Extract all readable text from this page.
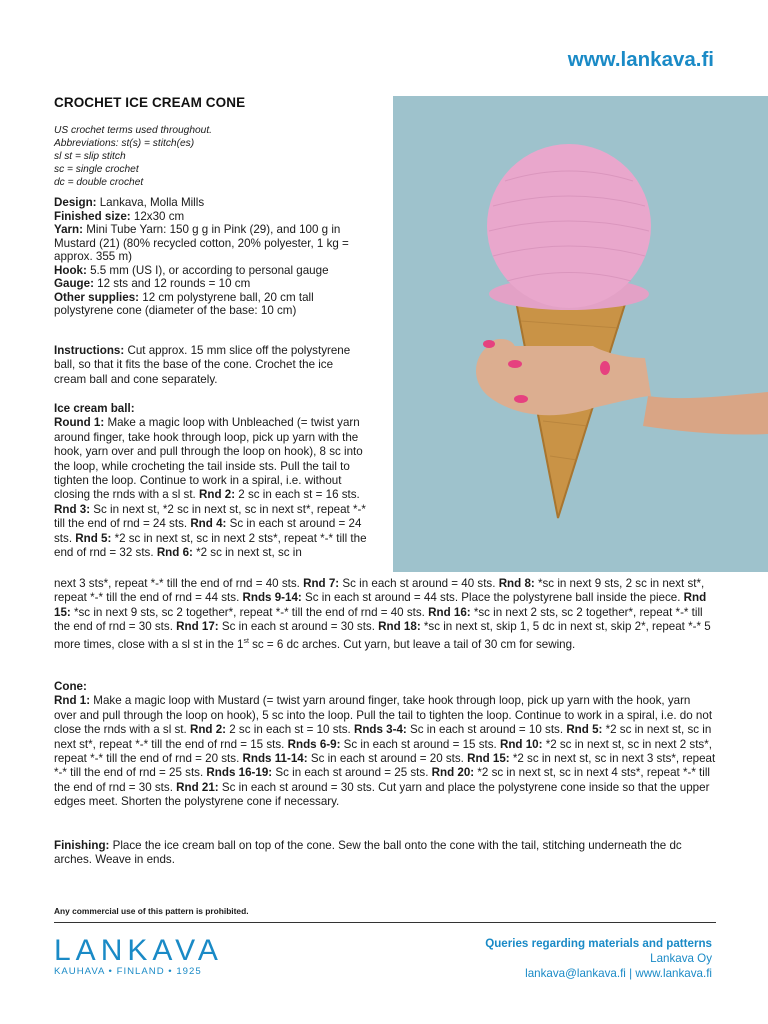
www.lankava.fi
CROCHET ICE CREAM CONE
US crochet terms used throughout.
Abbreviations: st(s) = stitch(es)
sl st = slip stitch
sc = single crochet
dc = double crochet
Design: Lankava, Molla Mills
Finished size: 12x30 cm
Yarn: Mini Tube Yarn: 150 g g in Pink (29), and 100 g in Mustard (21) (80% recycled cotton, 20% polyester, 1 kg = approx. 355 m)
Hook: 5.5 mm (US I), or according to personal gauge
Gauge: 12 sts and 12 rounds = 10 cm
Other supplies: 12 cm polystyrene ball, 20 cm tall polystyrene cone (diameter of the base: 10 cm)
Instructions: Cut approx. 15 mm slice off the polystyrene ball, so that it fits the base of the cone. Crochet the ice cream ball and cone separately.
Ice cream ball:
Round 1: Make a magic loop with Unbleached (= twist yarn around finger, take hook through loop, pick up yarn with the hook, yarn over and pull through the loop on hook), 8 sc into the loop, while crocheting the tail inside sts. Pull the tail to tighten the loop. Continue to work in a spiral, i.e. without closing the rnds with a sl st. Rnd 2: 2 sc in each st = 16 sts. Rnd 3: Sc in next st, *2 sc in next st, sc in next st*, repeat *-* till the end of rnd = 24 sts. Rnd 4: Sc in each st around = 24 sts. Rnd 5: *2 sc in next st, sc in next 2 sts*, repeat *-* till the end of rnd = 32 sts. Rnd 6: *2 sc in next st, sc in
next 3 sts*, repeat *-* till the end of rnd = 40 sts. Rnd 7: Sc in each st around = 40 sts. Rnd 8: *sc in next 9 sts, 2 sc in next st*, repeat *-* till the end of rnd = 44 sts. Rnds 9-14: Sc in each st around = 44 sts. Place the polystyrene ball inside the piece. Rnd 15: *sc in next 9 sts, sc 2 together*, repeat *-* till the end of rnd = 40 sts. Rnd 16: *sc in next 2 sts, sc 2 together*, repeat *-* till the end of rnd = 30 sts. Rnd 17: Sc in each st around = 30 sts. Rnd 18: *sc in next st, skip 1, 5 dc in next st, skip 2*, repeat *-* 5 more times, close with a sl st in the 1st sc = 6 dc arches. Cut yarn, but leave a tail of 30 cm for sewing.
Cone:
Rnd 1: Make a magic loop with Mustard (= twist yarn around finger, take hook through loop, pick up yarn with the hook, yarn over and pull through the loop on hook), 5 sc into the loop. Pull the tail to tighten the loop. Continue to work in a spiral, i.e. do not close the rnds with a sl st. Rnd 2: 2 sc in each st = 10 sts. Rnds 3-4: Sc in each st around = 10 sts. Rnd 5: *2 sc in next st, sc in next st*, repeat *-* till the end of rnd = 15 sts. Rnds 6-9: Sc in each st around = 15 sts. Rnd 10: *2 sc in next st, sc in next 2 sts*, repeat *-* till the end of rnd = 20 sts. Rnds 11-14: Sc in each st around = 20 sts. Rnd 15: *2 sc in next st, sc in next 3 sts*, repeat *-* till the end of rnd = 25 sts. Rnds 16-19: Sc in each st around = 25 sts. Rnd 20: *2 sc in next st, sc in next 4 sts*, repeat *-* till the end of rnd = 30 sts. Rnd 21: Sc in each st around = 30 sts. Cut yarn and place the polystyrene cone inside so that the upper edges meet. Shorten the polystyrene cone if necessary.
Finishing: Place the ice cream ball on top of the cone. Sew the ball onto the cone with the tail, stitching underneath the dc arches. Weave in ends.
Any commercial use of this pattern is prohibited.
LANKAVA
KAUHAVA • FINLAND • 1925
Queries regarding materials and patterns
Lankava Oy
lankava@lankava.fi | www.lankava.fi
